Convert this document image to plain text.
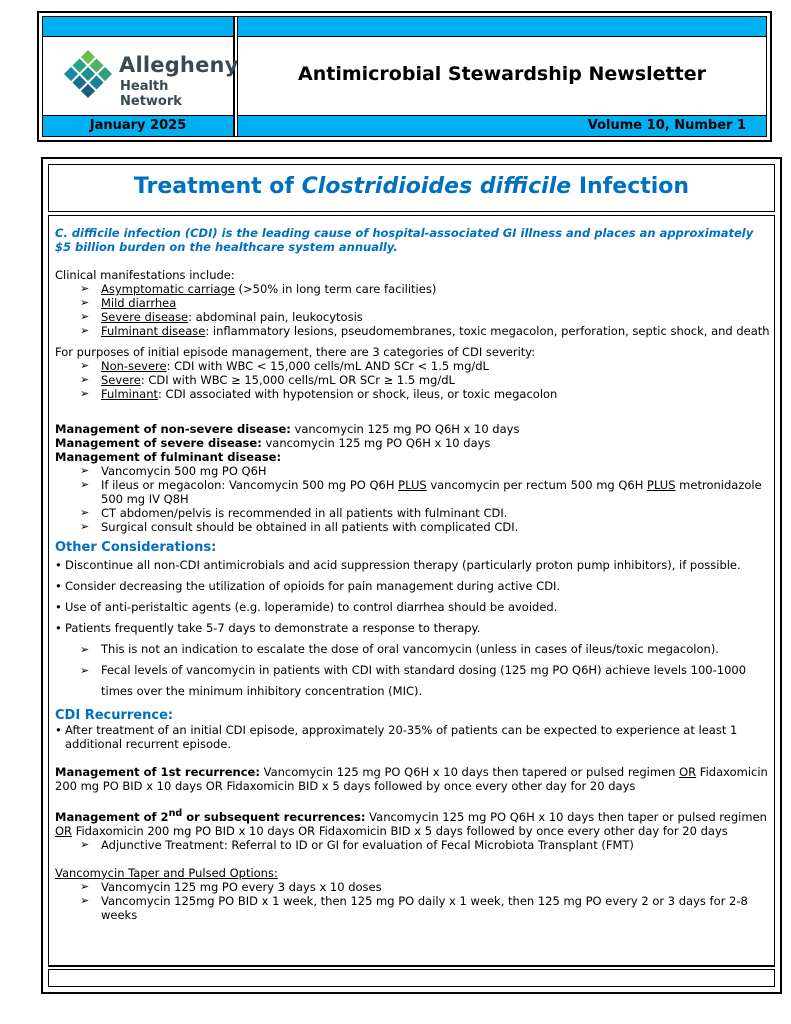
Allegheny
Health Network
January 2025
Antimicrobial Stewardship Newsletter
Volume 10, Number 1
Treatment of Clostridioides difficile Infection

C. difficile infection (CDI) is the leading cause of hospital-associated GI illness and places an approximately $5 billion burden on the healthcare system annually.

Clinical manifestations include:

➢ Asymptomatic carriage (>50% in long term care facilities)
➢ Mild diarrhea
➢ Severe disease: abdominal pain, leukocytosis
➢ Fulminant disease: inflammatory lesions, pseudomembranes, toxic megacolon, perforation, septic shock, and death

For purposes of initial episode management, there are 3 categories of CDI severity:

➢ Non-severe: CDI with WBC < 15,000 cells/mL AND SCr < 1.5 mg/dL
➢ Severe: CDI with WBC ≥ 15,000 cells/mL OR SCr ≥ 1.5 mg/dL
➢ Fulminant: CDI associated with hypotension or shock, ileus, or toxic megacolon

Management of non-severe disease: vancomycin 125 mg PO Q6H x 10 days

Management of severe disease: vancomycin 125 mg PO Q6H x 10 days

Management of fulminant disease:

➢ Vancomycin 500 mg PO Q6H
➢ If ileus or megacolon: Vancomycin 500 mg PO Q6H PLUS vancomycin per rectum 500 mg Q6H PLUS metronidazole 500 mg IV Q8H
➢ CT abdomen/pelvis is recommended in all patients with fulminant CDI.
➢ Surgical consult should be obtained in all patients with complicated CDI.

Other Considerations:

• Discontinue all non-CDI antimicrobials and acid suppression therapy (particularly proton pump inhibitors), if possible.
• Consider decreasing the utilization of opioids for pain management during active CDI.
• Use of anti-peristaltic agents (e.g. loperamide) to control diarrhea should be avoided.
• Patients frequently take 5-7 days to demonstrate a response to therapy.
➢ This is not an indication to escalate the dose of oral vancomycin (unless in cases of ileus/toxic megacolon).
➢ Fecal levels of vancomycin in patients with CDI with standard dosing (125 mg PO Q6H) achieve levels 100-1000 times over the minimum inhibitory concentration (MIC).

CDI Recurrence:

• After treatment of an initial CDI episode, approximately 20-35% of patients can be expected to experience at least 1 additional recurrent episode.

Management of 1st recurrence: Vancomycin 125 mg PO Q6H x 10 days then tapered or pulsed regimen OR Fidaxomicin 200 mg PO BID x 10 days OR Fidaxomicin BID x 5 days followed by once every other day for 20 days

Management of 2nd or subsequent recurrences: Vancomycin 125 mg PO Q6H x 10 days then taper or pulsed regimen OR Fidaxomicin 200 mg PO BID x 10 days OR Fidaxomicin BID x 5 days followed by once every other day for 20 days

➢ Adjunctive Treatment: Referral to ID or GI for evaluation of Fecal Microbiota Transplant (FMT)

Vancomycin Taper and Pulsed Options:

➢ Vancomycin 125 mg PO every 3 days x 10 doses
➢ Vancomycin 125mg PO BID x 1 week, then 125 mg PO daily x 1 week, then 125 mg PO every 2 or 3 days for 2-8 weeks
